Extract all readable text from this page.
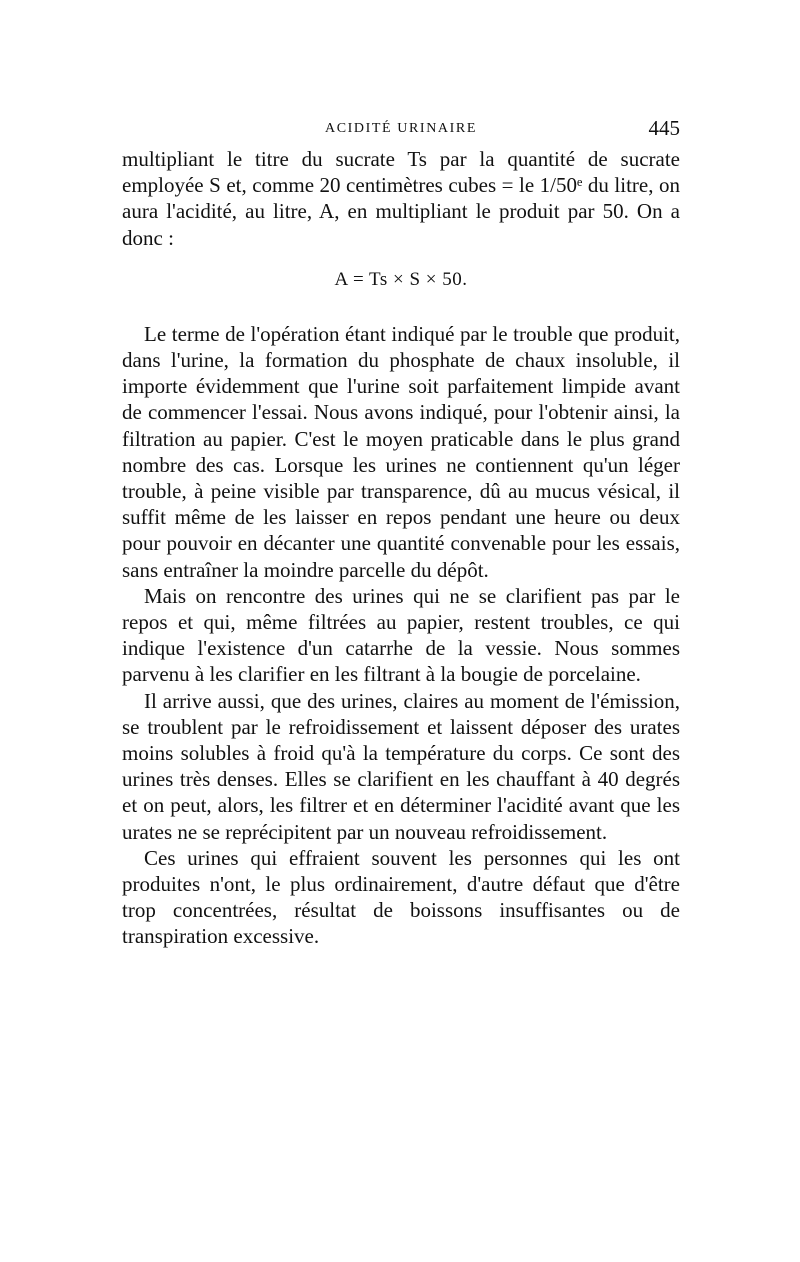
ACIDITÉ URINAIRE	445

multipliant le titre du sucrate Ts par la quantité de sucrate employée S et, comme 20 centimètres cubes = le 1/50ᵉ du litre, on aura l'acidité, au litre, A, en multipliant le produit par 50. On a donc :

A = Ts × S × 50.

Le terme de l'opération étant indiqué par le trouble que produit, dans l'urine, la formation du phosphate de chaux insoluble, il importe évidemment que l'urine soit parfaitement limpide avant de commencer l'essai. Nous avons indiqué, pour l'obtenir ainsi, la filtration au papier. C'est le moyen praticable dans le plus grand nombre des cas. Lorsque les urines ne contiennent qu'un léger trouble, à peine visible par transparence, dû au mucus vésical, il suffit même de les laisser en repos pendant une heure ou deux pour pouvoir en décanter une quantité convenable pour les essais, sans entraîner la moindre parcelle du dépôt.

Mais on rencontre des urines qui ne se clarifient pas par le repos et qui, même filtrées au papier, restent troubles, ce qui indique l'existence d'un catarrhe de la vessie. Nous sommes parvenu à les clarifier en les filtrant à la bougie de porcelaine.

Il arrive aussi, que des urines, claires au moment de l'émission, se troublent par le refroidissement et laissent déposer des urates moins solubles à froid qu'à la température du corps. Ce sont des urines très denses. Elles se clarifient en les chauffant à 40 degrés et on peut, alors, les filtrer et en déterminer l'acidité avant que les urates ne se reprécipitent par un nouveau refroidissement.

Ces urines qui effraient souvent les personnes qui les ont produites n'ont, le plus ordinairement, d'autre défaut que d'être trop concentrées, résultat de boissons insuffisantes ou de transpiration excessive.
